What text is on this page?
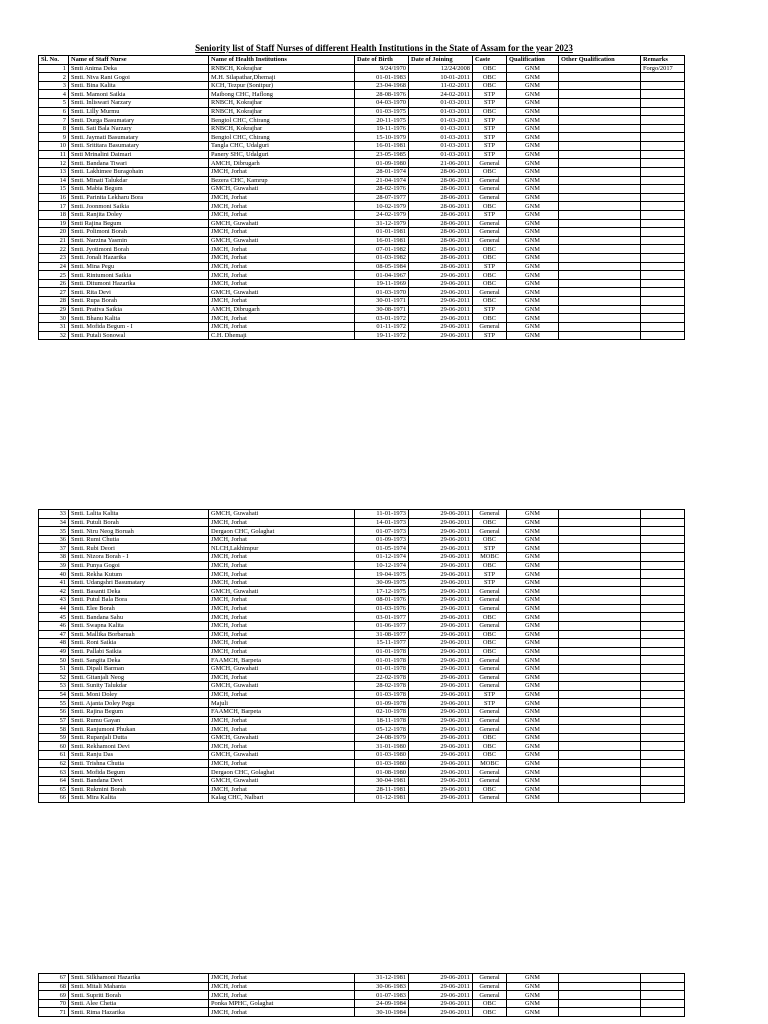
Seniority list of Staff Nurses of different Health Institutions in the State of Assam for the year 2023
Sl. No.	Name of Staff Nurse	Name of Health Institutions	Date of Birth	Date of Joining	Caste	Qualification	Other Qualification	Remarks
1	Smti Anima Deka	RNBCH, Kokrajhar	9/24/1970	12/24/2008	OBC	GNM		Forgo/2017
2	Smti. Niva Rani Gogoi	M.H. Silapathar,Dhemaji	01-01-1983	10-01-2011	OBC	GNM		
3	Smti. Bina Kalita	KCH, Tezpur (Sonitpur)	23-04-1968	11-02-2011	OBC	GNM		
4	Smti. Mamoni Saikia	Maibong CHC, Haflong	28-08-1976	24-02-2011	STP	GNM		
5	Smti. Inliswari Narzary	RNBCH, Kokrajhar	04-03-1970	01-03-2011	STP	GNM		
6	Smti. Lilly Murmu	RNBCH, Kokrajhar	01-03-1975	01-03-2011	OBC	GNM		
7	Smti. Durga Basumatary	Bengtol CHC, Chirang	20-11-1975	01-03-2011	STP	GNM		
8	Smti. Sati Bala Narzary	RNBCH, Kokrajhar	19-11-1976	01-03-2011	STP	GNM		
9	Smti. Jaymati Basumatary	Bengtol CHC, Chirang	15-10-1979	01-03-2011	STP	GNM		
10	Smti. Srititara Basumatary	Tangla CHC, Udalguri	16-01-1981	01-03-2011	STP	GNM		
11	Smti Mrinalini Daimari	Panery SHC, Udalguri	23-05-1985	01-03-2011	STP	GNM		
12	Smti. Bandana Tiwari	AMCH, Dibrugarh	01-09-1980	21-06-2011	General	GNM		
13	Smti. Lakhimee Buragohain	JMCH, Jorhat	28-01-1974	28-06-2011	OBC	GNM		
14	Smti. Minati Talukdar	Bezera CHC, Kamrup	21-04-1974	28-06-2011	General	GNM		
15	Smti. Mabia Begum	GMCH, Guwahati	28-02-1976	28-06-2011	General	GNM		
16	Smti. Parinita Lekharu Bora	JMCH, Jorhat	28-07-1977	28-06-2011	General	GNM		
17	Smti. Joonmoni Saikia	JMCH, Jorhat	10-02-1979	28-06-2011	OBC	GNM		
18	Smti. Ranjita Doley	JMCH, Jorhat	24-02-1979	28-06-2011	STP	GNM		
19	Smti Rajina Begum	GMCH, Guwahati	31-12-1979	28-06-2011	General	GNM		
20	Smti. Polimoni Borah	JMCH, Jorhat	01-01-1981	28-06-2011	General	GNM		
21	Smti. Narzina Yasmin	GMCH, Guwahati	16-01-1981	28-06-2011	General	GNM		
22	Smti. Jyotimoni Borah	JMCH, Jorhat	07-01-1982	28-06-2011	OBC	GNM		
23	Smti. Jonali Hazarika	JMCH, Jorhat	01-03-1982	28-06-2011	OBC	GNM		
24	Smti. Mina Pegu	JMCH, Jorhat	08-05-1984	28-06-2011	STP	GNM		
25	Smti. Rintumoni Saikia	JMCH, Jorhat	01-04-1967	29-06-2011	OBC	GNM		
26	Smti. Ditumoni Hazarika	JMCH, Jorhat	19-11-1969	29-06-2011	OBC	GNM		
27	Smti. Rita Devi	GMCH, Guwahati	01-03-1970	29-06-2011	General	GNM		
28	Smti. Rupa Borah	JMCH, Jorhat	30-01-1971	29-06-2011	OBC	GNM		
29	Smti. Prativa Saikia	AMCH, Dibrugarh	30-08-1971	29-06-2011	STP	GNM		
30	Smti. Bhanu Kalita	JMCH, Jorhat	03-01-1972	29-06-2011	OBC	GNM		
31	Smti. Mofida Begum - I	JMCH, Jorhat	01-11-1972	29-06-2011	General	GNM		
32	Smti. Putali Sonowal	C.H. Dhemaji	19-11-1972	29-06-2011	STP	GNM		
33	Smti. Lalita Kalita	GMCH, Guwahati	11-01-1973	29-06-2011	General	GNM		
34	Smti. Putuli Borah	JMCH, Jorhat	14-01-1973	29-06-2011	OBC	GNM		
35	Smti. Niru Neog Boruah	Dergaon CHC, Golaghat	01-07-1973	29-06-2011	General	GNM		
36	Smti. Rumi Chutia	JMCH, Jorhat	01-09-1973	29-06-2011	OBC	GNM		
37	Smti. Rubi Deori	NLCH,Lakhimpur	01-05-1974	29-06-2011	STP	GNM		
38	Smti. Nizora Borah - I	JMCH, Jorhat	01-12-1974	29-06-2011	MOBC	GNM		
39	Smti. Punya Gogoi	JMCH, Jorhat	10-12-1974	29-06-2011	OBC	GNM		
40	Smti. Rekha Kutum	JMCH, Jorhat	19-04-1975	29-06-2011	STP	GNM		
41	Smti. Udangshri Basumatary	JMCH, Jorhat	30-09-1975	29-06-2011	STP	GNM		
42	Smti. Basanti Deka	GMCH, Guwahati	17-12-1975	29-06-2011	General	GNM		
43	Smti. Putul Bala Bora	JMCH, Jorhat	08-01-1976	29-06-2011	General	GNM		
44	Smti. Elee Borah	JMCH, Jorhat	01-03-1976	29-06-2011	General	GNM		
45	Smti. Bandana Sahu	JMCH, Jorhat	03-01-1977	29-06-2011	OBC	GNM		
46	Smti. Swapna Kalita	JMCH, Jorhat	01-06-1977	29-06-2011	General	GNM		
47	Smti. Mallika Borbaruah	JMCH, Jorhat	31-08-1977	29-06-2011	OBC	GNM		
48	Smti. Roni Saikia	JMCH, Jorhat	15-11-1977	29-06-2011	OBC	GNM		
49	Smti. Pallabi Saikia	JMCH, Jorhat	01-01-1978	29-06-2011	OBC	GNM		
50	Smti. Sangita Deka	FAAMCH, Barpeta	01-01-1978	29-06-2011	General	GNM		
51	Smti. Dipali Barman	GMCH, Guwahati	01-01-1978	29-06-2011	General	GNM		
52	Smti. Gitanjali Neog	JMCH, Jorhat	22-02-1978	29-06-2011	General	GNM		
53	Smti. Sunity Talukdar	GMCH, Guwahati	28-02-1978	29-06-2011	General	GNM		
54	Smti. Moni Doley	JMCH, Jorhat	01-03-1978	29-06-2011	STP	GNM		
55	Smti. Ajanta Doley Pegu	Majuli	01-09-1978	29-06-2011	STP	GNM		
56	Smti. Rajina Begum	FAAMCH, Barpeta	02-10-1978	29-06-2011	General	GNM		
57	Smti. Rumu Gayan	JMCH, Jorhat	18-11-1978	29-06-2011	General	GNM		
58	Smti. Ranjumoni Phukan	JMCH, Jorhat	05-12-1978	29-06-2011	General	GNM		
59	Smti. Rupanjali Dutta	GMCH, Guwahati	24-08-1979	29-06-2011	OBC	GNM		
60	Smti. Rekhamoni Devi	JMCH, Jorhat	31-01-1980	29-06-2011	OBC	GNM		
61	Smti. Ranju Das	GMCH, Guwahati	01-03-1980	29-06-2011	OBC	GNM		
62	Smti. Trishna Chutia	JMCH, Jorhat	01-03-1980	29-06-2011	MOBC	GNM		
63	Smti. Mofida Begum	Dergaon CHC, Golaghat	01-08-1980	29-06-2011	General	GNM		
64	Smti. Bandana Devi	GMCH, Guwahati	30-04-1981	29-06-2011	General	GNM		
65	Smti. Rukmini Borah	JMCH, Jorhat	28-11-1981	29-06-2011	OBC	GNM		
66	Smti. Mira Kalita	Kalag CHC, Nalbari	01-12-1981	29-06-2011	General	GNM		
67	Smti. Silkhamoni Hazarika	JMCH, Jorhat	31-12-1981	29-06-2011	General	GNM		
68	Smti. Mitali Mahanta	JMCH, Jorhat	30-06-1983	29-06-2011	General	GNM		
69	Smti. Supriti Borah	JMCH, Jorhat	01-07-1983	29-06-2011	General	GNM		
70	Smti. Alee Chetia	Ponka MPHC, Golaghat	24-09-1984	29-06-2011	OBC	GNM		
71	Smti. Rima Hazarika	JMCH, Jorhat	30-10-1984	29-06-2011	OBC	GNM		
